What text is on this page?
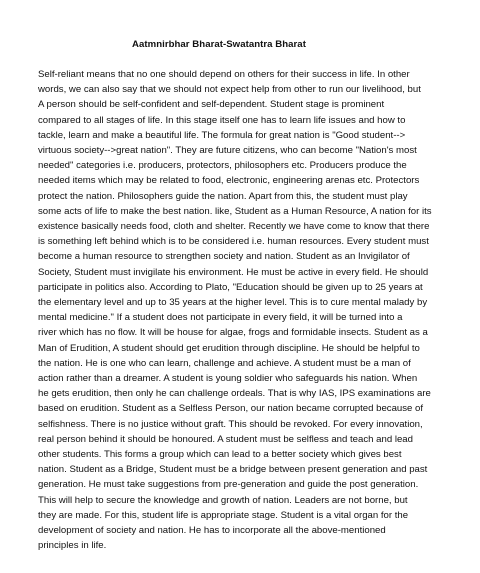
Aatmnirbhar Bharat-Swatantra Bharat
Self-reliant means that no one should depend on others for their success in life. In other
words, we can also say that we should not expect help from other to run our livelihood, but
A person should be self-confident and self-dependent. Student stage is prominent
compared to all stages of life. In this stage itself one has to learn life issues and how to
tackle, learn and make a beautiful life. The formula for great nation is "Good student-->
virtuous society-->great nation". They are future citizens, who can become "Nation's most
needed" categories i.e. producers, protectors, philosophers etc. Producers produce the
needed items which may be related to food, electronic, engineering arenas etc. Protectors
protect the nation. Philosophers guide the nation. Apart from this, the student must play
some acts of life to make the best nation. like, Student as a Human Resource, A nation for its
existence basically needs food, cloth and shelter. Recently we have come to know that there
is something left behind which is to be considered i.e. human resources. Every student must
become a human resource to strengthen society and nation. Student as an Invigilator of
Society, Student must invigilate his environment. He must be active in every field. He should
participate in politics also. According to Plato, "Education should be given up to 25 years at
the elementary level and up to 35 years at the higher level. This is to cure mental malady by
mental medicine." If a student does not participate in every field, it will be turned into a
river which has no flow. It will be house for algae, frogs and formidable insects. Student as a
Man of Erudition, A student should get erudition through discipline. He should be helpful to
the nation. He is one who can learn, challenge and achieve. A student must be a man of
action rather than a dreamer. A student is young soldier who safeguards his nation. When
he gets erudition, then only he can challenge ordeals. That is why IAS, IPS examinations are
based on erudition. Student as a Selfless Person, our nation became corrupted because of
selfishness. There is no justice without graft. This should be revoked. For every innovation,
real person behind it should be honoured. A student must be selfless and teach and lead
other students. This forms a group which can lead to a better society which gives best
nation. Student as a Bridge, Student must be a bridge between present generation and past
generation. He must take suggestions from pre-generation and guide the post generation.
This will help to secure the knowledge and growth of nation. Leaders are not borne, but
they are made. For this, student life is appropriate stage. Student is a vital organ for the
development of society and nation. He has to incorporate all the above-mentioned
principles in life.
